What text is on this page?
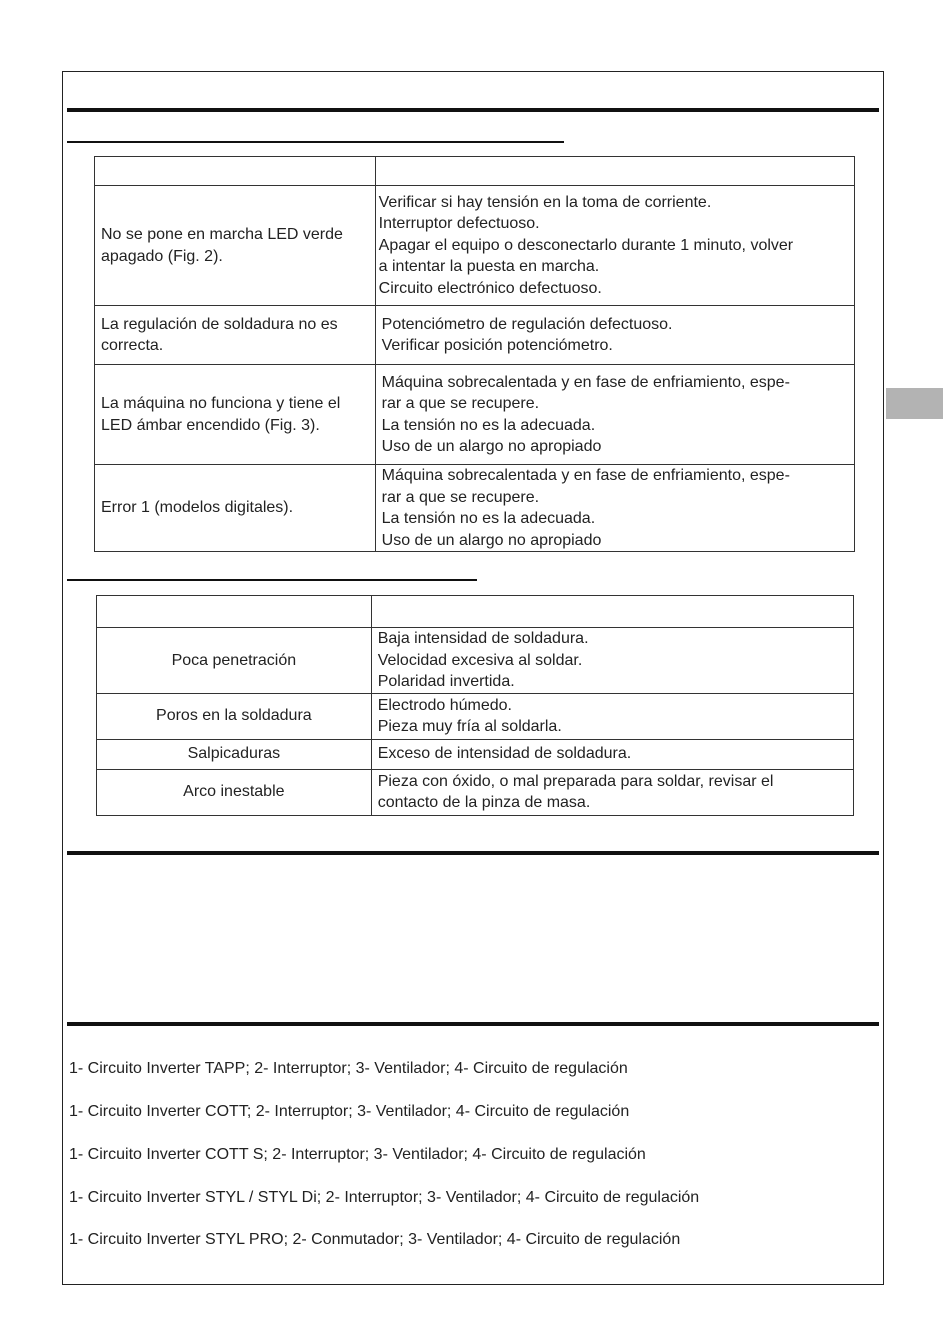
No se pone en marcha LED verde apagado (Fig. 2).	Verificar si hay tensión en la toma de corriente.
Interruptor defectuoso.
Apagar el equipo o desconectarlo durante 1 minuto, volver
a intentar la puesta en marcha.
Circuito electrónico defectuoso.

La regulación de soldadura no es correcta.	Potenciómetro de regulación defectuoso.
Verificar posición potenciómetro.

La máquina no funciona y tiene el LED ámbar encendido (Fig. 3).	Máquina sobrecalentada y en fase de enfriamiento, espe-
rar a que se recupere.
La tensión no es la adecuada.
Uso de un alargo no apropiado

Error 1 (modelos digitales).	Máquina sobrecalentada y en fase de enfriamiento, espe-
rar a que se recupere.
La tensión no es la adecuada.
Uso de un alargo no apropiado

Poca penetración	Baja intensidad de soldadura.
Velocidad excesiva al soldar.
Polaridad invertida.

Poros en la soldadura	Electrodo húmedo.
Pieza muy fría al soldarla.

Salpicaduras	Exceso de intensidad de soldadura.

Arco inestable	Pieza con óxido, o mal preparada para soldar, revisar el
contacto de la pinza de masa.
1- Circuito Inverter TAPP; 2- Interruptor; 3- Ventilador; 4- Circuito de regulación
1- Circuito Inverter COTT; 2- Interruptor; 3- Ventilador; 4- Circuito de regulación
1- Circuito Inverter COTT S; 2- Interruptor; 3- Ventilador; 4- Circuito de regulación
1- Circuito Inverter STYL / STYL Di; 2- Interruptor; 3- Ventilador; 4- Circuito de regulación
1- Circuito Inverter STYL PRO; 2- Conmutador; 3- Ventilador; 4- Circuito de regulación
